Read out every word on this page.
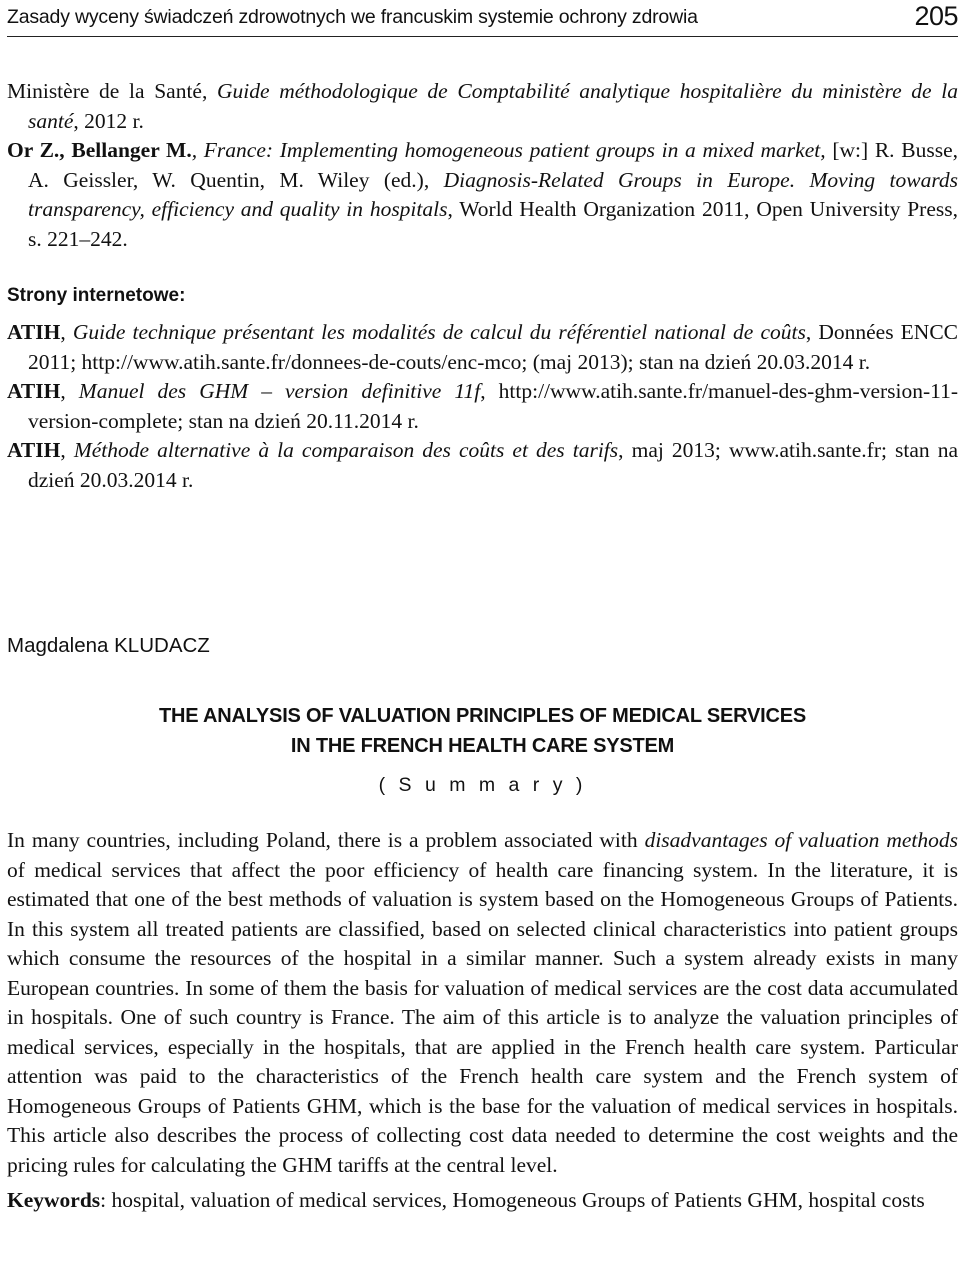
Zasady wyceny świadczeń zdrowotnych we francuskim systemie ochrony zdrowia	205

Ministère de la Santé, Guide méthodologique de Comptabilité analytique hospitalière du ministère de la santé, 2012 r.

Or Z., Bellanger M., France: Implementing homogeneous patient groups in a mixed market, [w:] R. Busse, A. Geissler, W. Quentin, M. Wiley (ed.), Diagnosis-Related Groups in Europe. Moving towards transparency, efficiency and quality in hospitals, World Health Organization 2011, Open University Press, s. 221–242.

Strony internetowe:

ATIH, Guide technique présentant les modalités de calcul du référentiel national de coûts, Données ENCC 2011; http://www.atih.sante.fr/donnees-de-couts/enc-mco; (maj 2013); stan na dzień 20.03.2014 r.

ATIH, Manuel des GHM – version definitive 11f, http://www.atih.sante.fr/manuel-des-ghm-version-11-version-complete; stan na dzień 20.11.2014 r.

ATIH, Méthode alternative à la comparaison des coûts et des tarifs, maj 2013; www.atih.sante.fr; stan na dzień 20.03.2014 r.

Magdalena KLUDACZ
THE ANALYSIS OF VALUATION PRINCIPLES OF MEDICAL SERVICES
IN THE FRENCH HEALTH CARE SYSTEM
( S u m m a r y )

In many countries, including Poland, there is a problem associated with disadvantages of valuation methods of medical services that affect the poor efficiency of health care financing system. In the literature, it is estimated that one of the best methods of valuation is system based on the Homogeneous Groups of Patients. In this system all treated patients are classified, based on selected clinical characteristics into patient groups which consume the resources of the hospital in a similar manner. Such a system already exists in many European countries. In some of them the basis for valuation of medical services are the cost data accumulated in hospitals. One of such country is France. The aim of this article is to analyze the valuation principles of medical services, especially in the hospitals, that are applied in the French health care system. Particular attention was paid to the characteristics of the French health care system and the French system of Homogeneous Groups of Patients GHM, which is the base for the valuation of medical services in hospitals. This article also describes the process of collecting cost data needed to determine the cost weights and the pricing rules for calculating the GHM tariffs at the central level.

Keywords: hospital, valuation of medical services, Homogeneous Groups of Patients GHM, hospital costs
